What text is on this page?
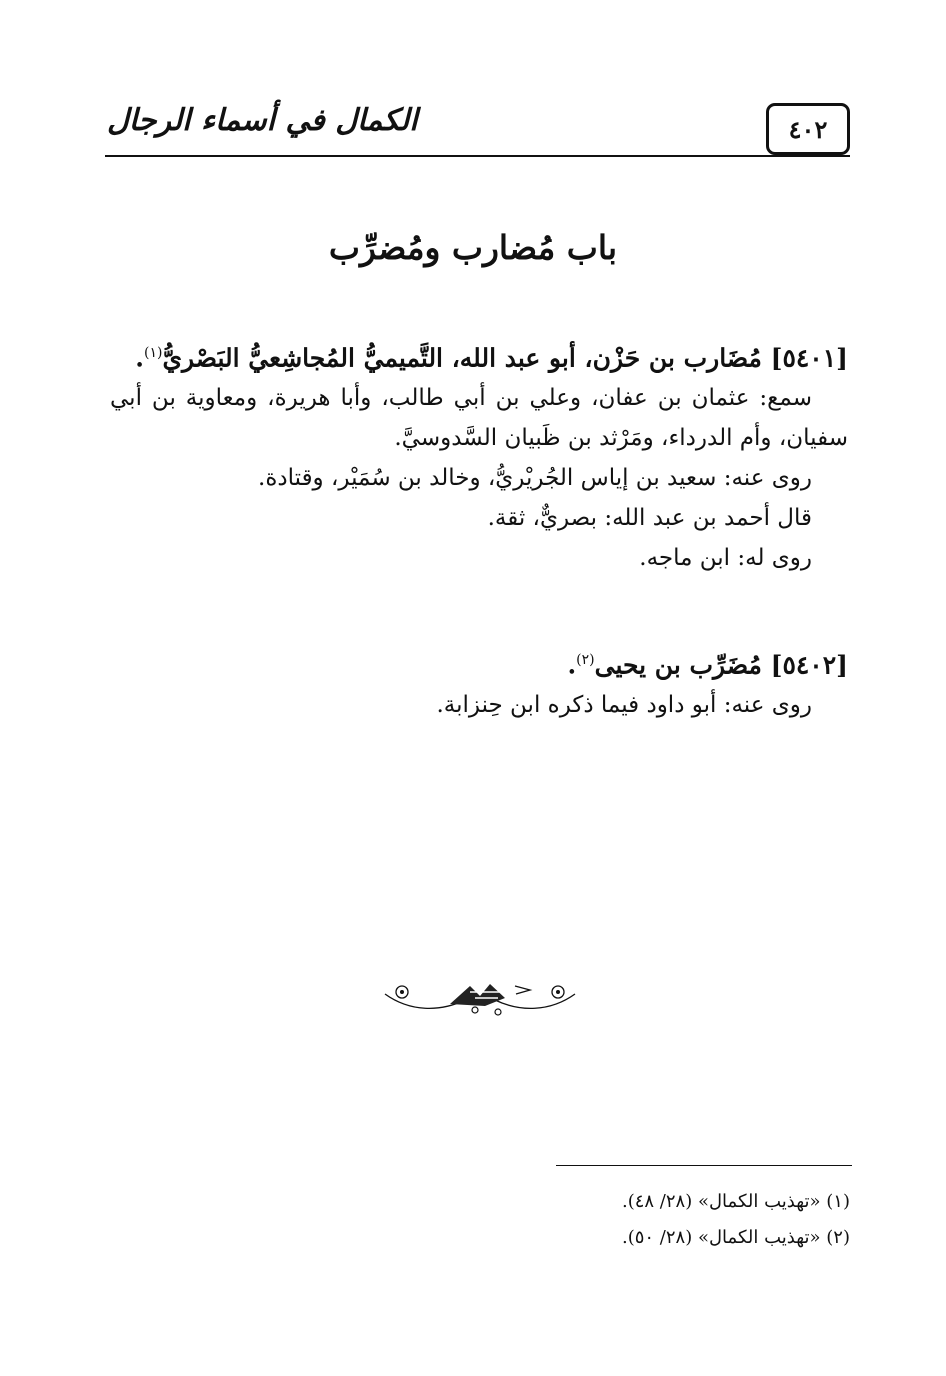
الكمال في أسماء الرجال	٤٠٢
باب مُضارب ومُضرِّب
[٥٤٠١] مُضَارب بن حَزْن، أبو عبد الله، التَّميميُّ المُجاشِعيُّ البَصْريُّ$^{(١)}$.
سمع: عثمان بن عفان، وعلي بن أبي طالب، وأبا هريرة، ومعاوية بن أبي سفيان، وأم الدرداء، ومَرْثد بن ظَبيان السَّدوسيَّ.
روى عنه: سعيد بن إياس الجُريْريُّ، وخالد بن سُمَيْر، وقتادة.
قال أحمد بن عبد الله: بصريٌّ، ثقة.
روى له: ابن ماجه.
[٥٤٠٢] مُضَرِّب بن يحيى$^{(٢)}$.
روى عنه: أبو داود فيما ذكره ابن حِنزابة.
(١) «تهذيب الكمال» (٢٨/ ٤٨).
(٢) «تهذيب الكمال» (٢٨/ ٥٠).
